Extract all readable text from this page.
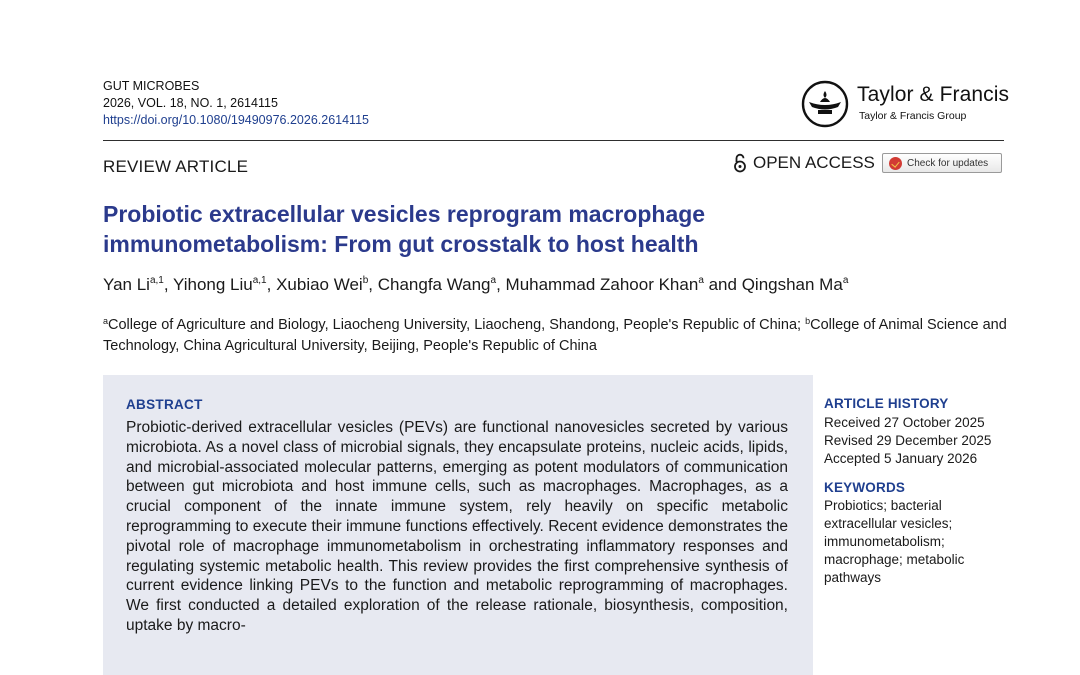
GUT MICROBES
2026, VOL. 18, NO. 1, 2614115
https://doi.org/10.1080/19490976.2026.2614115
Taylor & Francis
Taylor & Francis Group
REVIEW ARTICLE	OPEN ACCESS	Check for updates
Probiotic extracellular vesicles reprogram macrophage immunometabolism: From gut crosstalk to host health
Yan Li$^{a,1}$, Yihong Liu$^{a,1}$, Xubiao Wei$^b$, Changfa Wang$^a$, Muhammad Zahoor Khan$^a$ and Qingshan Ma$^a$
$^a$College of Agriculture and Biology, Liaocheng University, Liaocheng, Shandong, People's Republic of China; $^b$College of Animal Science and Technology, China Agricultural University, Beijing, People's Republic of China
ABSTRACT
Probiotic-derived extracellular vesicles (PEVs) are functional nanovesicles secreted by various microbiota. As a novel class of microbial signals, they encapsulate proteins, nucleic acids, lipids, and microbial-associated molecular patterns, emerging as potent modulators of communication between gut microbiota and host immune cells, such as macrophages. Macrophages, as a crucial component of the innate immune system, rely heavily on specific metabolic reprogramming to execute their immune functions effectively. Recent evidence demonstrates the pivotal role of macrophage immunometabolism in orchestrating inflammatory responses and regulating systemic metabolic health. This review provides the first comprehensive synthesis of current evidence linking PEVs to the function and metabolic reprogramming of macrophages. We first conducted a detailed exploration of the release rationale, biosynthesis, composition, uptake by macro-
ARTICLE HISTORY
Received 27 October 2025
Revised 29 December 2025
Accepted 5 January 2026
KEYWORDS
Probiotics; bacterial extracellular vesicles; immunometabolism; macrophage; metabolic pathways
